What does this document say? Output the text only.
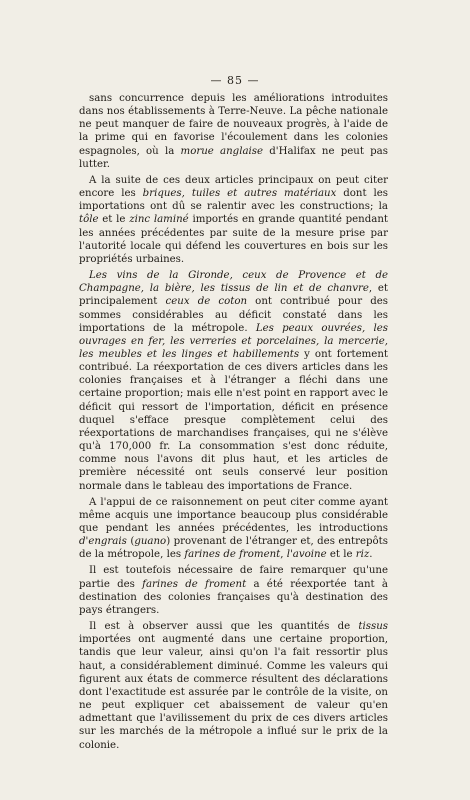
— 85 —

sans concurrence depuis les améliorations introduites dans nos établissements à Terre-Neuve. La pêche nationale ne peut manquer de faire de nouveaux progrès, à l'aide de la prime qui en favorise l'écoulement dans les colonies espagnoles, où la morue anglaise d'Halifax ne peut pas lutter.

A la suite de ces deux articles principaux on peut citer encore les briques, tuiles et autres matériaux dont les importations ont dû se ralentir avec les constructions; la tôle et le zinc laminé importés en grande quantité pendant les années précédentes par suite de la mesure prise par l'autorité locale qui défend les couvertures en bois sur les propriétés urbaines.

Les vins de la Gironde, ceux de Provence et de Champagne, la bière, les tissus de lin et de chanvre, et principalement ceux de coton ont contribué pour des sommes considérables au déficit constaté dans les importations de la métropole. Les peaux ouvrées, les ouvrages en fer, les verreries et porcelaines, la mercerie, les meubles et les linges et habillements y ont fortement contribué. La réexportation de ces divers articles dans les colonies françaises et à l'étranger a fléchi dans une certaine proportion; mais elle n'est point en rapport avec le déficit qui ressort de l'importation, déficit en présence duquel s'efface presque complètement celui des réexportations de marchandises françaises, qui ne s'élève qu'à 170,000 fr. La consommation s'est donc réduite, comme nous l'avons dit plus haut, et les articles de première nécessité ont seuls conservé leur position normale dans le tableau des importations de France.

A l'appui de ce raisonnement on peut citer comme ayant même acquis une importance beaucoup plus considérable que pendant les années précédentes, les introductions d'engrais (guano) provenant de l'étranger et, des entrepôts de la métropole, les farines de froment, l'avoine et le riz.

Il est toutefois nécessaire de faire remarquer qu'une partie des farines de froment a été réexportée tant à destination des colonies françaises qu'à destination des pays étrangers.

Il est à observer aussi que les quantités de tissus importées ont augmenté dans une certaine proportion, tandis que leur valeur, ainsi qu'on l'a fait ressortir plus haut, a considérablement diminué. Comme les valeurs qui figurent aux états de commerce résultent des déclarations dont l'exactitude est assurée par le contrôle de la visite, on ne peut expliquer cet abaissement de valeur qu'en admettant que l'avilissement du prix de ces divers articles sur les marchés de la métropole a influé sur le prix de la colonie.
